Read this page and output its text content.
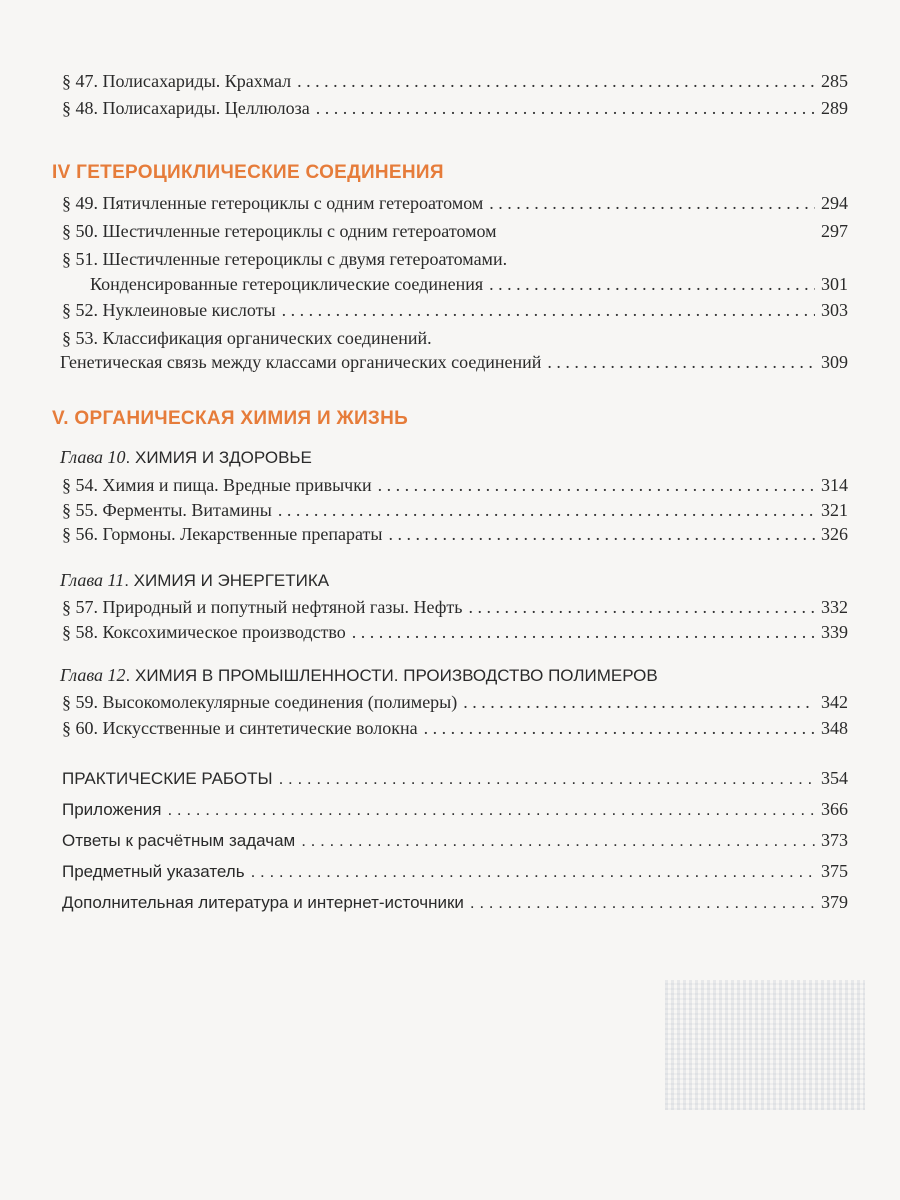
§ 47. Полисахариды. Крахмал . . .	285
§ 48. Полисахариды. Целлюлоза . . .	289
IV ГЕТЕРОЦИКЛИЧЕСКИЕ СОЕДИНЕНИЯ
§ 49. Пятичленные гетероциклы с одним гетероатомом . . .	294
§ 50. Шестичленные гетероциклы с одним гетероатомом	297
§ 51. Шестичленные гетероциклы с двумя гетероатомами.
Конденсированные гетероциклические соединения . . .	301
§ 52. Нуклеиновые кислоты . . .	303
§ 53. Классификация органических соединений.
Генетическая связь между классами органических соединений . . .	309
V. ОРГАНИЧЕСКАЯ ХИМИЯ И ЖИЗНЬ
Глава 10. ХИМИЯ И ЗДОРОВЬЕ
§ 54. Химия и пища. Вредные привычки . . .	314
§ 55. Ферменты. Витамины . . .	321
§ 56. Гормоны. Лекарственные препараты . . .	326
Глава 11. ХИМИЯ И ЭНЕРГЕТИКА
§ 57. Природный и попутный нефтяной газы. Нефть . . .	332
§ 58. Коксохимическое производство . . .	339
Глава 12. ХИМИЯ В ПРОМЫШЛЕННОСТИ. ПРОИЗВОДСТВО ПОЛИМЕРОВ
§ 59. Высокомолекулярные соединения (полимеры) . . .	342
§ 60. Искусственные и синтетические волокна . . .	348
ПРАКТИЧЕСКИЕ РАБОТЫ . . .	354
Приложения . . .	366
Ответы к расчётным задачам . . .	373
Предметный указатель . . .	375
Дополнительная литература и интернет-источники . . .	379
